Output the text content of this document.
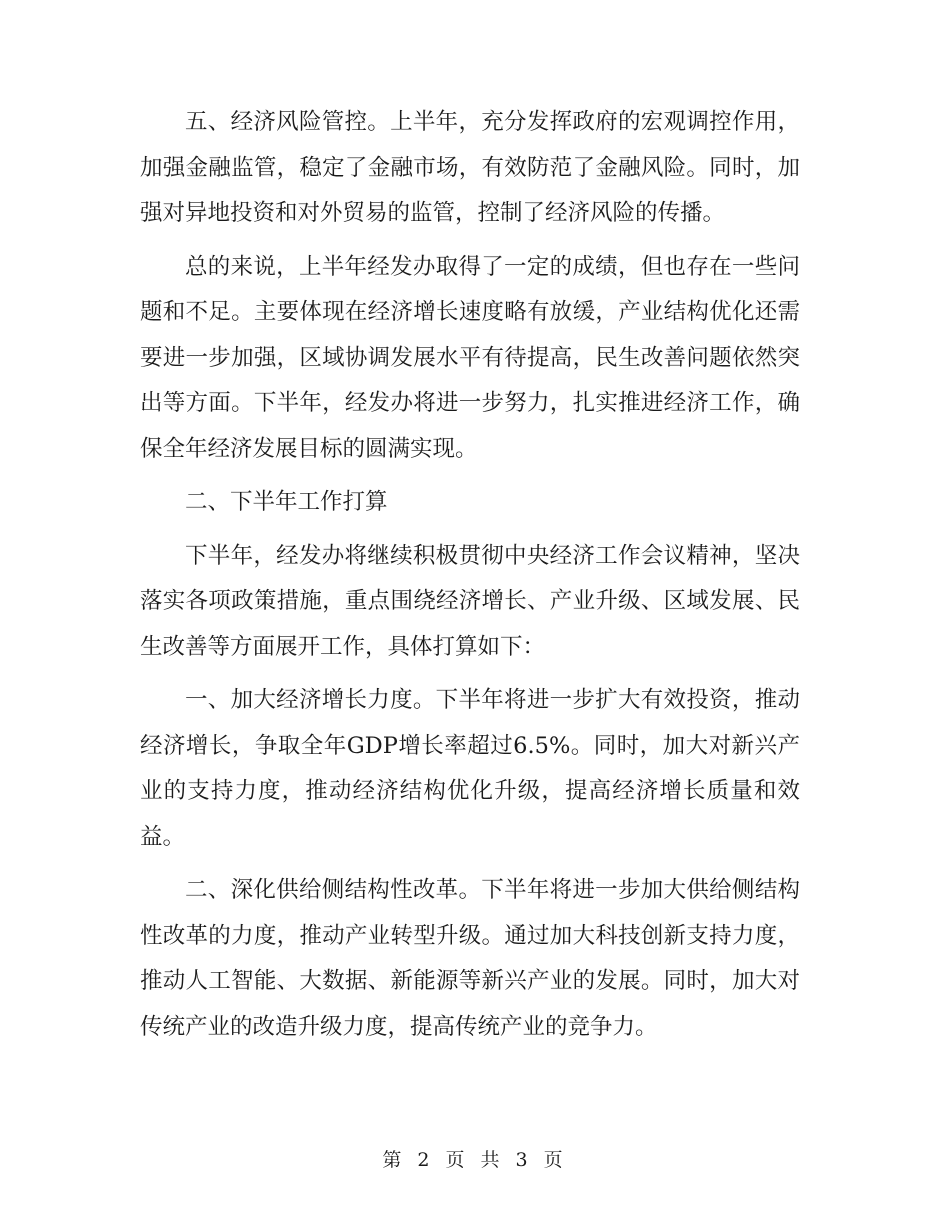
五、经济风险管控。上半年，充分发挥政府的宏观调控作用，加强金融监管，稳定了金融市场，有效防范了金融风险。同时，加强对异地投资和对外贸易的监管，控制了经济风险的传播。

总的来说，上半年经发办取得了一定的成绩，但也存在一些问题和不足。主要体现在经济增长速度略有放缓，产业结构优化还需要进一步加强，区域协调发展水平有待提高，民生改善问题依然突出等方面。下半年，经发办将进一步努力，扎实推进经济工作，确保全年经济发展目标的圆满实现。

二、下半年工作打算

下半年，经发办将继续积极贯彻中央经济工作会议精神，坚决落实各项政策措施，重点围绕经济增长、产业升级、区域发展、民生改善等方面展开工作，具体打算如下：

一、加大经济增长力度。下半年将进一步扩大有效投资，推动经济增长，争取全年GDP增长率超过6.5%。同时，加大对新兴产业的支持力度，推动经济结构优化升级，提高经济增长质量和效益。

二、深化供给侧结构性改革。下半年将进一步加大供给侧结构性改革的力度，推动产业转型升级。通过加大科技创新支持力度，推动人工智能、大数据、新能源等新兴产业的发展。同时，加大对传统产业的改造升级力度，提高传统产业的竞争力。

第 2 页 共 3 页
